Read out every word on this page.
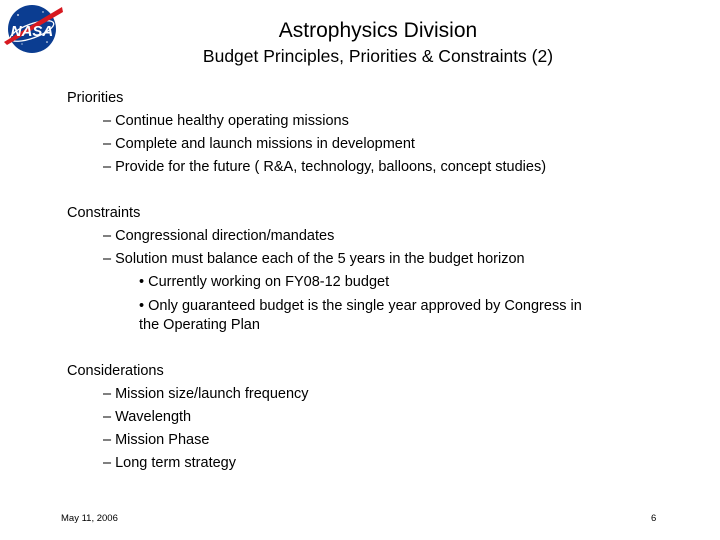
NASA	Astrophysics Division
Budget Principles, Priorities & Constraints (2)
Priorities
– Continue healthy operating missions
– Complete and launch missions in development
– Provide for the future ( R&A, technology, balloons, concept studies)
Constraints
– Congressional direction/mandates
– Solution must balance each of the 5 years in the budget horizon
• Currently working on FY08-12 budget
• Only guaranteed budget is the single year approved by Congress in
the Operating Plan
Considerations
– Mission size/launch frequency
– Wavelength
– Mission Phase
– Long term strategy
May 11, 2006	6
